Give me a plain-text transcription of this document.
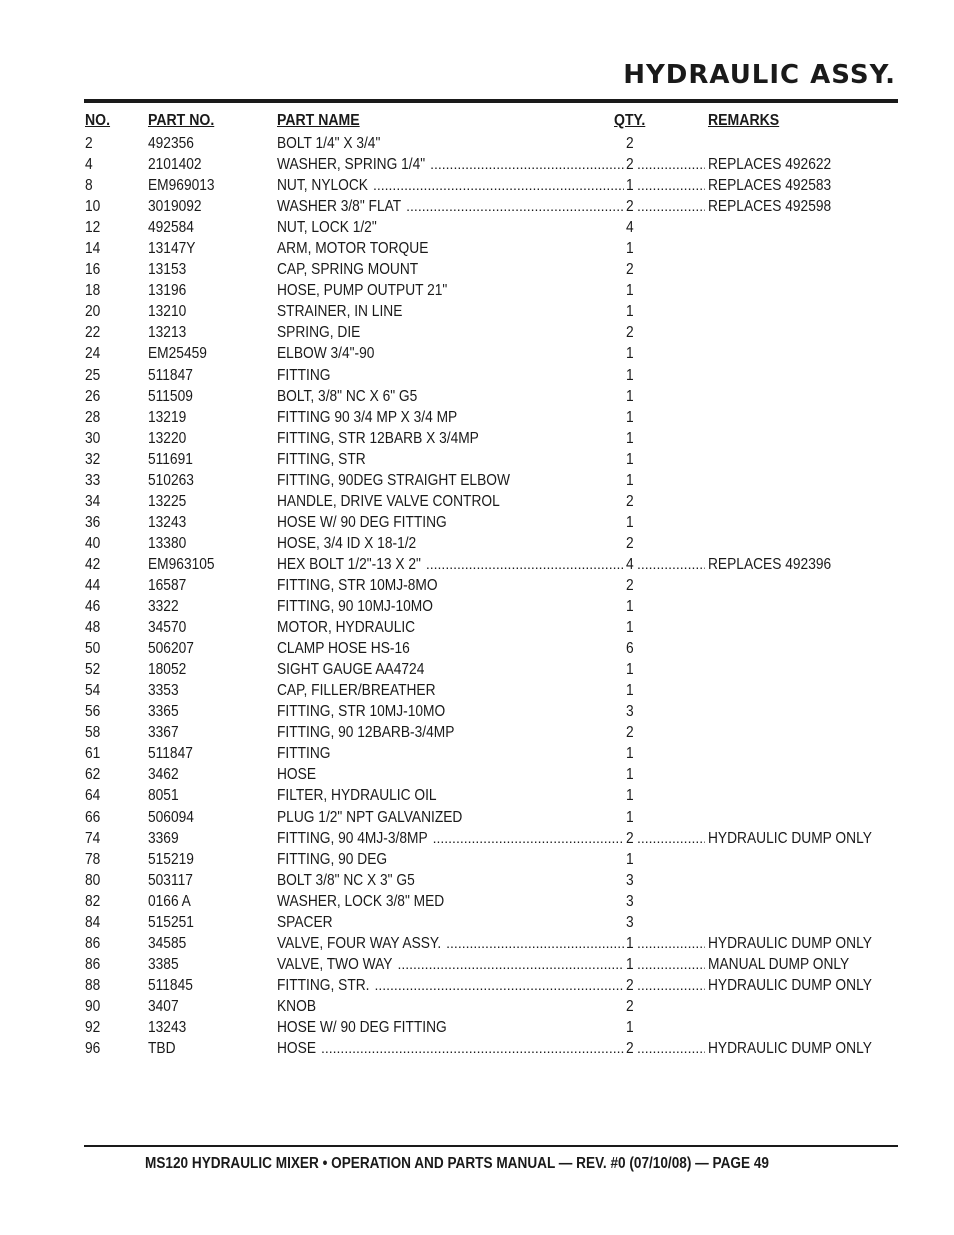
HYDRAULIC ASSY.
NO. PART NO.	PART NAME	QTY.	REMARKS
2	492356	BOLT 1/4" X 3/4"	2
4	2101402	WASHER, SPRING 1/4" ..... .....	2	REPLACES 492622
8	EM969013	NUT, NYLOCK ..... .....	1	REPLACES 492583
10	3019092	WASHER 3/8" FLAT ..... .....	2	REPLACES 492598
12	492584	NUT, LOCK 1/2"	4
14	13147Y	ARM, MOTOR TORQUE	1
16	13153	CAP, SPRING MOUNT	2
18	13196	HOSE, PUMP OUTPUT 21"	1
20	13210	STRAINER, IN LINE	1
22	13213	SPRING, DIE	2
24	EM25459	ELBOW 3/4"-90	1
25	511847	FITTING	1
26	511509	BOLT, 3/8" NC X 6" G5	1
28	13219	FITTING 90 3/4 MP X 3/4 MP	1
30	13220	FITTING, STR 12BARB X 3/4MP	1
32	511691	FITTING, STR	1
33	510263	FITTING, 90DEG STRAIGHT ELBOW	1
34	13225	HANDLE, DRIVE VALVE CONTROL	2
36	13243	HOSE W/ 90 DEG FITTING	1
40	13380	HOSE, 3/4 ID X 18-1/2	2
42	EM963105	HEX BOLT 1/2"-13 X 2" ..... .....	4	REPLACES 492396
44	16587	FITTING, STR 10MJ-8MO	2
46	3322	FITTING, 90 10MJ-10MO	1
48	34570	MOTOR, HYDRAULIC	1
50	506207	CLAMP HOSE HS-16	6
52	18052	SIGHT GAUGE AA4724	1
54	3353	CAP, FILLER/BREATHER	1
56	3365	FITTING, STR 10MJ-10MO	3
58	3367	FITTING, 90 12BARB-3/4MP	2
61	511847	FITTING	1
62	3462	HOSE	1
64	8051	FILTER, HYDRAULIC OIL	1
66	506094	PLUG 1/2" NPT GALVANIZED	1
74	3369	FITTING, 90 4MJ-3/8MP ..... .....	2	HYDRAULIC DUMP ONLY
78	515219	FITTING, 90 DEG	1
80	503117	BOLT 3/8" NC X 3" G5	3
82	0166 A	WASHER, LOCK 3/8" MED	3
84	515251	SPACER	3
86	34585	VALVE, FOUR WAY ASSY. ..... .....	1	HYDRAULIC DUMP ONLY
86	3385	VALVE, TWO WAY ..... .....	1	MANUAL DUMP ONLY
88	511845	FITTING, STR. ..... .....	2	HYDRAULIC DUMP ONLY
90	3407	KNOB	2
92	13243	HOSE W/ 90 DEG FITTING	1
96	TBD	HOSE ..... .....	2	HYDRAULIC DUMP ONLY
MS120 HYDRAULIC MIXER • OPERATION AND PARTS MANUAL — REV. #0 (07/10/08) — PAGE 49
